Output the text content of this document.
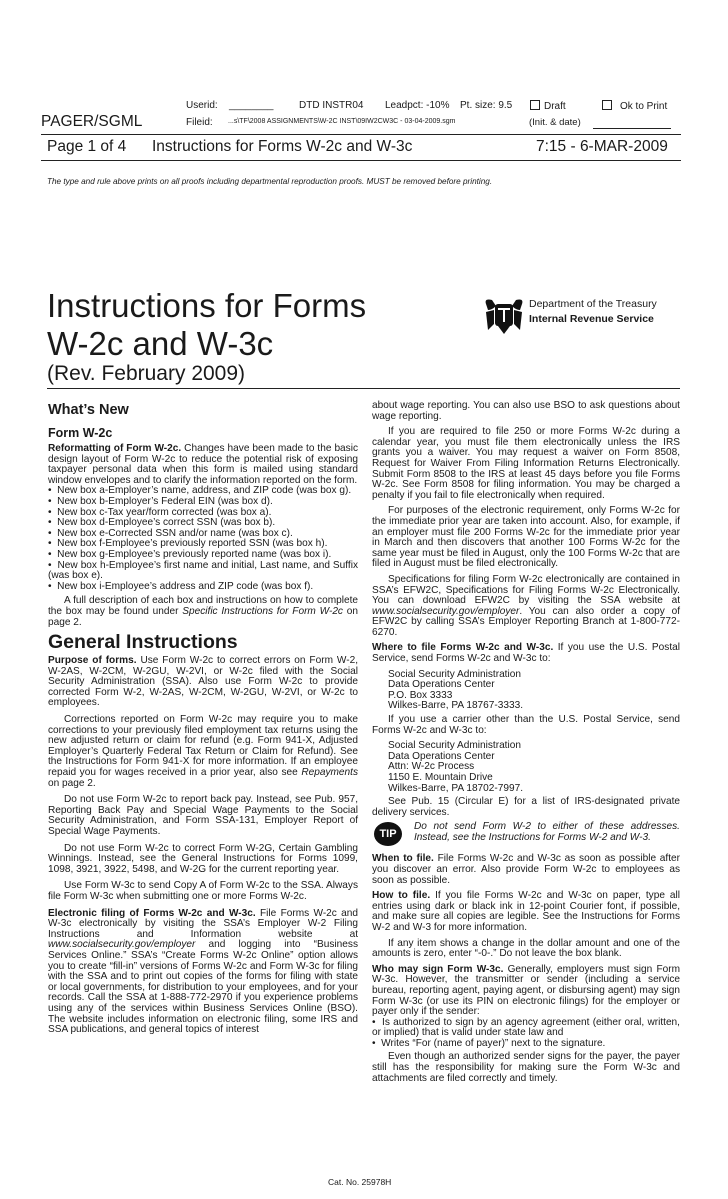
Userid: ________	DTD INSTR04 Leadpct: -10% Pt. size: 9.5	Draft	Ok to Print
PAGER/SGML	Fileid: ...s\TF\2008 ASSIGNMENTS\W-2C INST\09IW2CW3C - 03-04-2009.sgm	(Init. & date)
Page 1 of 4 Instructions for Forms W-2c and W-3c	7:15 - 6-MAR-2009
The type and rule above prints on all proofs including departmental reproduction proofs. MUST be removed before printing.
Instructions for Forms
W-2c and W-3c
(Rev. February 2009)
Department of the Treasury
Internal Revenue Service
What’s New
Form W-2c

Reformatting of Form W-2c. Changes have been made to the basic design layout of Form W-2c to reduce the potential risk of exposing taxpayer personal data when this form is mailed using standard window envelopes and to clarify the information reported on the form.

•  New box a-Employer’s name, address, and ZIP code (was box g).

•  New box b-Employer’s Federal EIN (was box d).

•  New box c-Tax year/form corrected (was box a).

•  New box d-Employee’s correct SSN (was box b).

•  New box e-Corrected SSN and/or name (was box c).

•  New box f-Employee’s previously reported SSN (was box h).

•  New box g-Employee’s previously reported name (was box i).

•  New box h-Employee’s first name and initial, Last name, and Suffix (was box e).

•  New box i-Employee’s address and ZIP code (was box f).

A full description of each box and instructions on how to complete the box may be found under Specific Instructions for Form W-2c on page 2.

General Instructions

Purpose of forms. Use Form W-2c to correct errors on Form W-2, W-2AS, W-2CM, W-2GU, W-2VI, or W-2c filed with the Social Security Administration (SSA). Also use Form W-2c to provide corrected Form W-2, W-2AS, W-2CM, W-2GU, W-2VI, or W-2c to employees.

Corrections reported on Form W-2c may require you to make corrections to your previously filed employment tax returns using the new adjusted return or claim for refund (e.g. Form 941-X, Adjusted Employer’s Quarterly Federal Tax Return or Claim for Refund). See the Instructions for Form 941-X for more information. If an employee repaid you for wages received in a prior year, also see Repayments on page 2.

Do not use Form W-2c to report back pay. Instead, see Pub. 957, Reporting Back Pay and Special Wage Payments to the Social Security Administration, and Form SSA-131, Employer Report of Special Wage Payments.

Do not use Form W-2c to correct Form W-2G, Certain Gambling Winnings. Instead, see the General Instructions for Forms 1099, 1098, 3921, 3922, 5498, and W-2G for the current reporting year.

Use Form W-3c to send Copy A of Form W-2c to the SSA. Always file Form W-3c when submitting one or more Forms W-2c.

Electronic filing of Forms W-2c and W-3c. File Forms W-2c and W-3c electronically by visiting the SSA’s Employer W-2 Filing Instructions and Information website at www.socialsecurity.gov/employer and logging into “Business Services Online.” SSA’s “Create Forms W-2c Online” option allows you to create “fill-in” versions of Forms W-2c and Form W-3c for filing with the SSA and to print out copies of the forms for filing with state or local governments, for distribution to your employees, and for your records. Call the SSA at 1-888-772-2970 if you experience problems using any of the services within Business Services Online (BSO). The website includes information on electronic filing, some IRS and SSA publications, and general topics of interest

about wage reporting. You can also use BSO to ask questions about wage reporting.

If you are required to file 250 or more Forms W-2c during a calendar year, you must file them electronically unless the IRS grants you a waiver. You may request a waiver on Form 8508, Request for Waiver From Filing Information Returns Electronically. Submit Form 8508 to the IRS at least 45 days before you file Forms W-2c. See Form 8508 for filing information. You may be charged a penalty if you fail to file electronically when required.

For purposes of the electronic requirement, only Forms W-2c for the immediate prior year are taken into account. Also, for example, if an employer must file 200 Forms W-2c for the immediate prior year in March and then discovers that another 100 Forms W-2c for the same year must be filed in August, only the 100 Forms W-2c that are filed in August must be filed electronically.

Specifications for filing Form W-2c electronically are contained in SSA’s EFW2C, Specifications for Filing Forms W-2c Electronically. You can download EFW2C by visiting the SSA website at www.socialsecurity.gov/employer. You can also order a copy of EFW2C by calling SSA’s Employer Reporting Branch at 1-800-772-6270.

Where to file Forms W-2c and W-3c. If you use the U.S. Postal Service, send Forms W-2c and W-3c to:

Social Security Administration

Data Operations Center

P.O. Box 3333

Wilkes-Barre, PA 18767-3333.

If you use a carrier other than the U.S. Postal Service, send Forms W-2c and W-3c to:

Social Security Administration

Data Operations Center

Attn: W-2c Process

1150 E. Mountain Drive

Wilkes-Barre, PA 18702-7997.

See Pub. 15 (Circular E) for a list of IRS-designated private delivery services.

TIP

Do not send Form W-2 to either of these addresses. Instead, see the Instructions for Forms W-2 and W-3.

When to file. File Forms W-2c and W-3c as soon as possible after you discover an error. Also provide Form W-2c to employees as soon as possible.

How to file. If you file Forms W-2c and W-3c on paper, type all entries using dark or black ink in 12-point Courier font, if possible, and make sure all copies are legible. See the Instructions for Forms W-2 and W-3 for more information.

If any item shows a change in the dollar amount and one of the amounts is zero, enter “-0-.” Do not leave the box blank.

Who may sign Form W-3c. Generally, employers must sign Form W-3c. However, the transmitter or sender (including a service bureau, reporting agent, paying agent, or disbursing agent) may sign Form W-3c (or use its PIN on electronic filings) for the employer or payer only if the sender:

•  Is authorized to sign by an agency agreement (either oral, written, or implied) that is valid under state law and

•  Writes “For (name of payer)” next to the signature.

Even though an authorized sender signs for the payer, the payer still has the responsibility for making sure the Form W-3c and attachments are filed correctly and timely.

Cat. No. 25978H
